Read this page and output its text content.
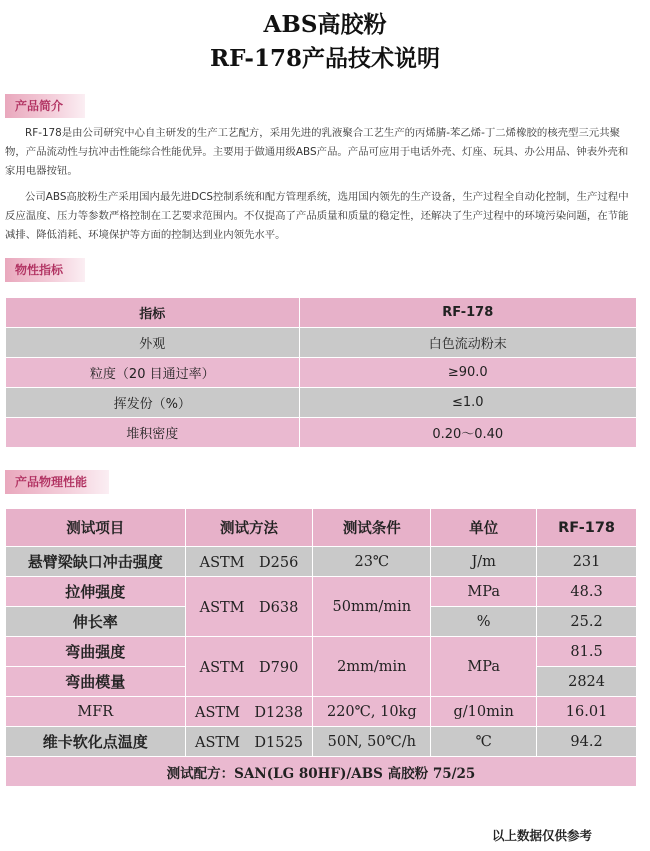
ABS高胶粉
RF-178产品技术说明
产品简介

RF-178是由公司研究中心自主研发的生产工艺配方，采用先进的乳液聚合工艺生产的丙烯腈-苯乙烯-丁二烯橡胶的核壳型三元共聚物，产品流动性与抗冲击性能综合性能优异。主要用于做通用级ABS产品。产品可应用于电话外壳、灯座、玩具、办公用品、钟表外壳和家用电器按钮。

公司ABS高胶粉生产采用国内最先进DCS控制系统和配方管理系统，选用国内领先的生产设备，生产过程全自动化控制，生产过程中反应温度、压力等参数严格控制在工艺要求范围内。不仅提高了产品质量和质量的稳定性，还解决了生产过程中的环境污染问题，在节能减排、降低消耗、环境保护等方面的控制达到业内领先水平。

物性指标
指标	RF-178
外观	白色流动粉末
粒度（20 目通过率）	≥90.0
挥发份（%）	≤1.0
堆积密度	0.20～0.40
产品物理性能
测试项目	测试方法	测试条件	单位	RF-178
悬臂梁缺口冲击强度	ASTM　D256	23℃	J/m	231
拉伸强度	ASTM　D638	50mm/min	MPa	48.3
伸长率			%	25.2
弯曲强度	ASTM　D790	2mm/min	MPa	81.5
弯曲模量				2824
MFR	ASTM　D1238	220℃, 10kg	g/10min	16.01
维卡软化点温度	ASTM　D1525	50N, 50℃/h	℃	94.2
测试配方：SAN(LG 80HF)/ABS 高胶粉 75/25				
以上数据仅供参考
